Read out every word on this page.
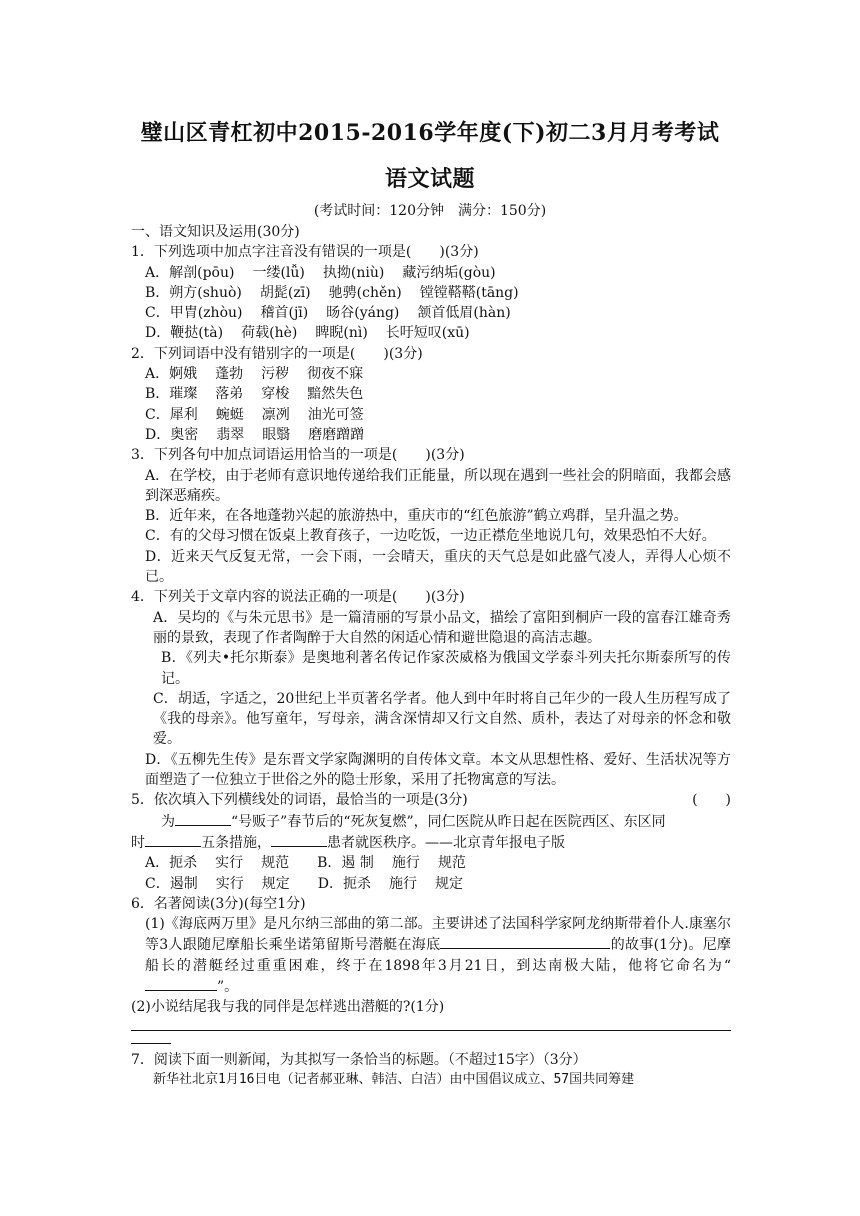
璧山区青杠初中2015-2016学年度(下)初二3月月考考试
语文试题
(考试时间：120分钟　满分：150分)
一、语文知识及运用(30分)
1．下列选项中加点字注音没有错误的一项是(　　)(3分)
A．解剖(pōu) 一缕(lǚ) 执拗(niù) 藏污纳垢(gòu)
B．朔方(shuò) 胡髭(zī) 驰骋(chěn) 镗镗鞳鞳(tāng)
C．甲胄(zhòu) 稽首(jī) 旸谷(yáng) 颔首低眉(hàn)
D．鞭挞(tà) 荷载(hè) 睥睨(nì) 长吁短叹(xū)
2．下列词语中没有错别字的一项是(　　)(3分)
A．婀娥 蓬勃 污秽 彻夜不寐
B．璀璨 落弟 穿梭 黯然失色
C．犀利 蜿蜓 凛冽 油光可签
D．奥密 翡翠 眼翳 磨磨蹭蹭
3．下列各句中加点词语运用恰当的一项是(　　)(3分)
A．在学校，由于老师有意识地传递给我们正能量，所以现在遇到一些社会的阴暗面，我都会感到深恶痛疾。
B．近年来，在各地蓬勃兴起的旅游热中，重庆市的“红色旅游”鹤立鸡群，呈升温之势。
C．有的父母习惯在饭桌上教育孩子，一边吃饭，一边正襟危坐地说几句，效果恐怕不大好。
D．近来天气反复无常，一会下雨，一会晴天，重庆的天气总是如此盛气凌人，弄得人心烦不已。
4．下列关于文章内容的说法正确的一项是(　　)(3分)
A．吴均的《与朱元思书》是一篇清丽的写景小品文，描绘了富阳到桐庐一段的富春江雄奇秀丽的景致，表现了作者陶醉于大自然的闲适心情和避世隐退的高洁志趣。
B．《列夫•托尔斯泰》是奥地利著名传记作家茨威格为俄国文学泰斗列夫托尔斯泰所写的传记。
C．胡适，字适之，20世纪上半页著名学者。他人到中年时将自己年少的一段人生历程写成了《我的母亲》。他写童年，写母亲，满含深情却又行文自然、质朴，表达了对母亲的怀念和敬爱。
D．《五柳先生传》是东晋文学家陶渊明的自传体文章。本文从思想性格、爱好、生活状况等方面塑造了一位独立于世俗之外的隐士形象，采用了托物寓意的写法。
5．依次填入下列横线处的词语，最恰当的一项是(3分)	(　　)
为	“号贩子”春节后的“死灰复燃”，同仁医院从昨日起在医院西区、东区同
时	五条措施，	患者就医秩序。——北京青年报电子版
A．扼杀 实行 规范 B．遏 制 施行 规范
C．遏制 实行 规定 D．扼杀 施行 规定
6．名著阅读(3分)(每空1分)
(1)《海底两万里》是凡尔纳三部曲的第二部。主要讲述了法国科学家阿龙纳斯带着仆人.康塞尔等3人跟随尼摩船长乘坐诺第留斯号潜艇在海底	的故事(1分)。尼摩船长的潜艇经过重重困难，终于在1898年3月21日，到达南极大陆，他将它命名为“”。
(2)小说结尾我与我的同伴是怎样逃出潜艇的?(1分)
7．阅读下面一则新闻，为其拟写一条恰当的标题。（不超过15字）（3分）
新华社北京1月16日电（记者郝亚琳、韩洁、白洁）由中国倡议成立、57国共同筹建
